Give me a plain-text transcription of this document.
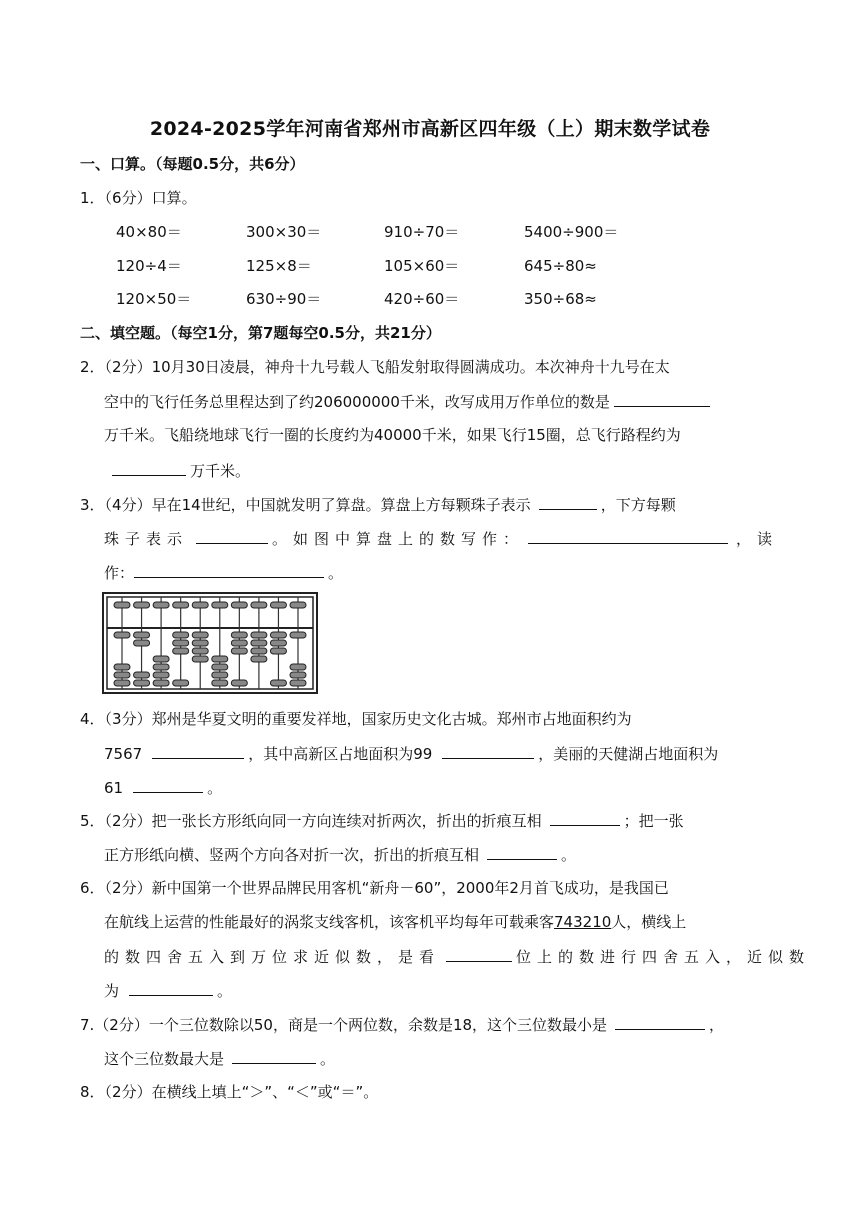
2024-2025学年河南省郑州市高新区四年级（上）期末数学试卷
一、口算。（每题0.5分，共6分）
1．（6分）口算。
40×80＝	300×30＝	910÷70＝	5400÷900＝
120÷4＝	125×8＝	105×60＝	645÷80≈
120×50＝	630÷90＝	420÷60＝	350÷68≈
二、填空题。（每空1分，第7题每空0.5分，共21分）
2．（2分）10月30日凌晨，神舟十九号载人飞船发射取得圆满成功。本次神舟十九号在太
空中的飞行任务总里程达到了约206000000千米，改写成用万作单位的数是
万千米。飞船绕地球飞行一圈的长度约为40000千米，如果飞行15圈，总飞行路程约为
万千米。
3．（4分）早在14世纪，中国就发明了算盘。算盘上方每颗珠子表示	，下方每颗
珠子表示	。如图中算盘上的数写作：	，读
作：	。
4．（3分）郑州是华夏文明的重要发祥地，国家历史文化古城。郑州市占地面积约为
7567	，其中高新区占地面积为99	，美丽的天健湖占地面积为
61	。
5．（2分）把一张长方形纸向同一方向连续对折两次，折出的折痕互相	；把一张
正方形纸向横、竖两个方向各对折一次，折出的折痕互相	。
6．（2分）新中国第一个世界品牌民用客机“新舟－60”，2000年2月首飞成功，是我国已
在航线上运营的性能最好的涡浆支线客机，该客机平均每年可载乘客743210人，横线上
的数四舍五入到万位求近似数，是看	位上的数进行四舍五入，近似数
为	。
7.（2分）一个三位数除以50，商是一个两位数，余数是18，这个三位数最小是	，
这个三位数最大是	。
8．（2分）在横线上填上“＞”、“＜”或“＝”。
